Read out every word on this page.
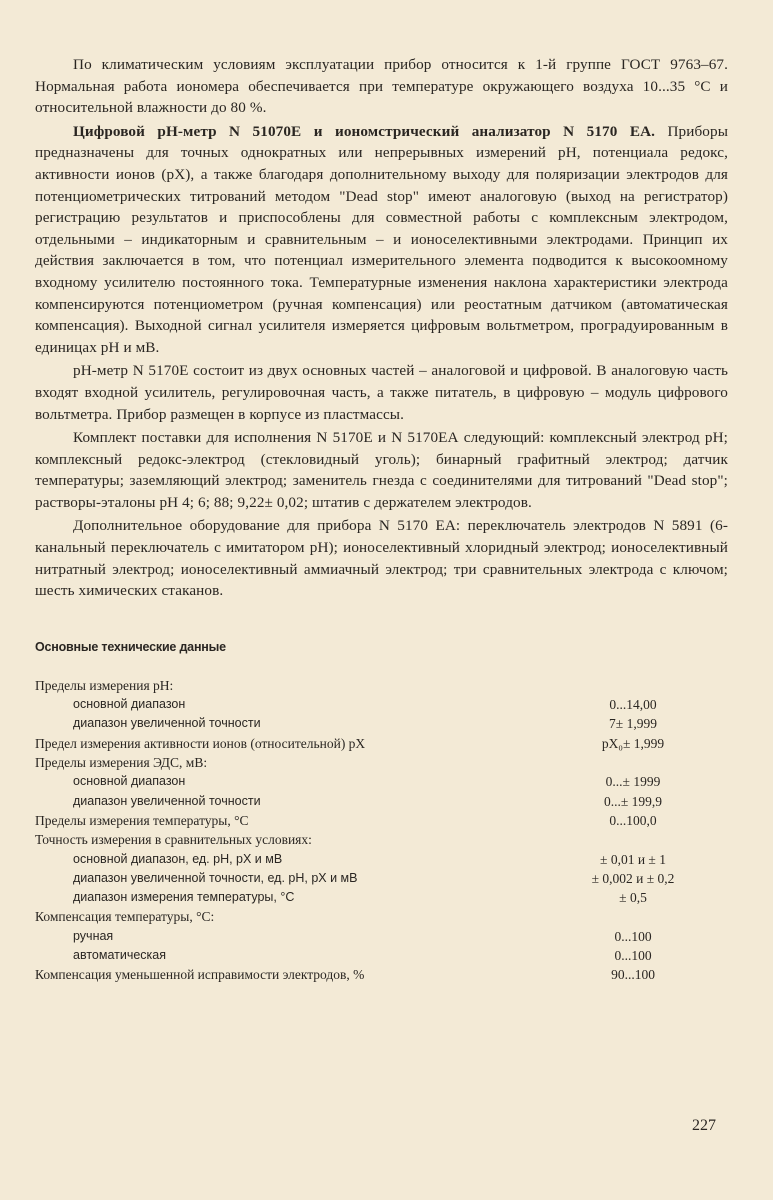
По климатическим условиям эксплуатации прибор относится к 1-й группе ГОСТ 9763–67. Нормальная работа иономера обеспечивается при температуре окружающего воздуха 10...35 °С и относительной влажности до 80 %.

Цифровой рН-метр N 51070Е и иономстрический анализатор N 5170 ЕА. Приборы предназначены для точных однократных или непрерывных измерений рН, потенциала редокс, активности ионов (рХ), а также благодаря дополнительному выходу для поляризации электродов для потенциометрических титрований методом "Dead stop" имеют аналоговую (выход на регистратор) регистрацию результатов и приспособлены для совместной работы с комплексным электродом, отдельными – индикаторным и сравнительным – и ионоселективными электродами. Принцип их действия заключается в том, что потенциал измерительного элемента подводится к высокоомному входному усилителю постоянного тока. Температурные изменения наклона характеристики электрода компенсируются потенциометром (ручная компенсация) или реостатным датчиком (автоматическая компенсация). Выходной сигнал усилителя измеряется цифровым вольтметром, проградуированным в единицах рН и мВ.

рН-метр N 5170Е состоит из двух основных частей – аналоговой и цифровой. В аналоговую часть входят входной усилитель, регулировочная часть, а также питатель, в цифровую – модуль цифрового вольтметра. Прибор размещен в корпусе из пластмассы.

Комплект поставки для исполнения N 5170Е и N 5170ЕА следующий: комплексный электрод рН; комплексный редокс-электрод (стекловидный уголь); бинарный графитный электрод; датчик температуры; заземляющий электрод; заменитель гнезда с соединителями для титрований "Dead stop"; растворы-эталоны рН 4; 6; 88; 9,22± 0,02; штатив с держателем электродов.

Дополнительное оборудование для прибора N 5170 ЕА: переключатель электродов N 5891 (6-канальный переключатель с имитатором рН); ионоселективный хлоридный электрод; ионоселективный нитратный электрод; ионоселективный аммиачный электрод; три сравнительных электрода с ключом; шесть химических стаканов.

Основные технические данные
Пределы измерения рН:	
основной диапазон	0...14,00
диапазон увеличенной точности	7± 1,999
Предел измерения активности ионов (относительной) рХ	рХ₀± 1,999
Пределы измерения ЭДС, мВ:	
основной диапазон	0...± 1999
диапазон увеличенной точности	0...± 199,9
Пределы измерения температуры, °С	0...100,0
Точность измерения в сравнительных условиях:	
основной диапазон, ед. рН, рХ и мВ	± 0,01 и ± 1
диапазон увеличенной точности, ед. рН, рХ и мВ	± 0,002 и ± 0,2
диапазон измерения температуры, °С	± 0,5
Компенсация температуры, °С:	
ручная	0...100
автоматическая	0...100
Компенсация уменьшенной исправимости электродов, %	90...100
227
